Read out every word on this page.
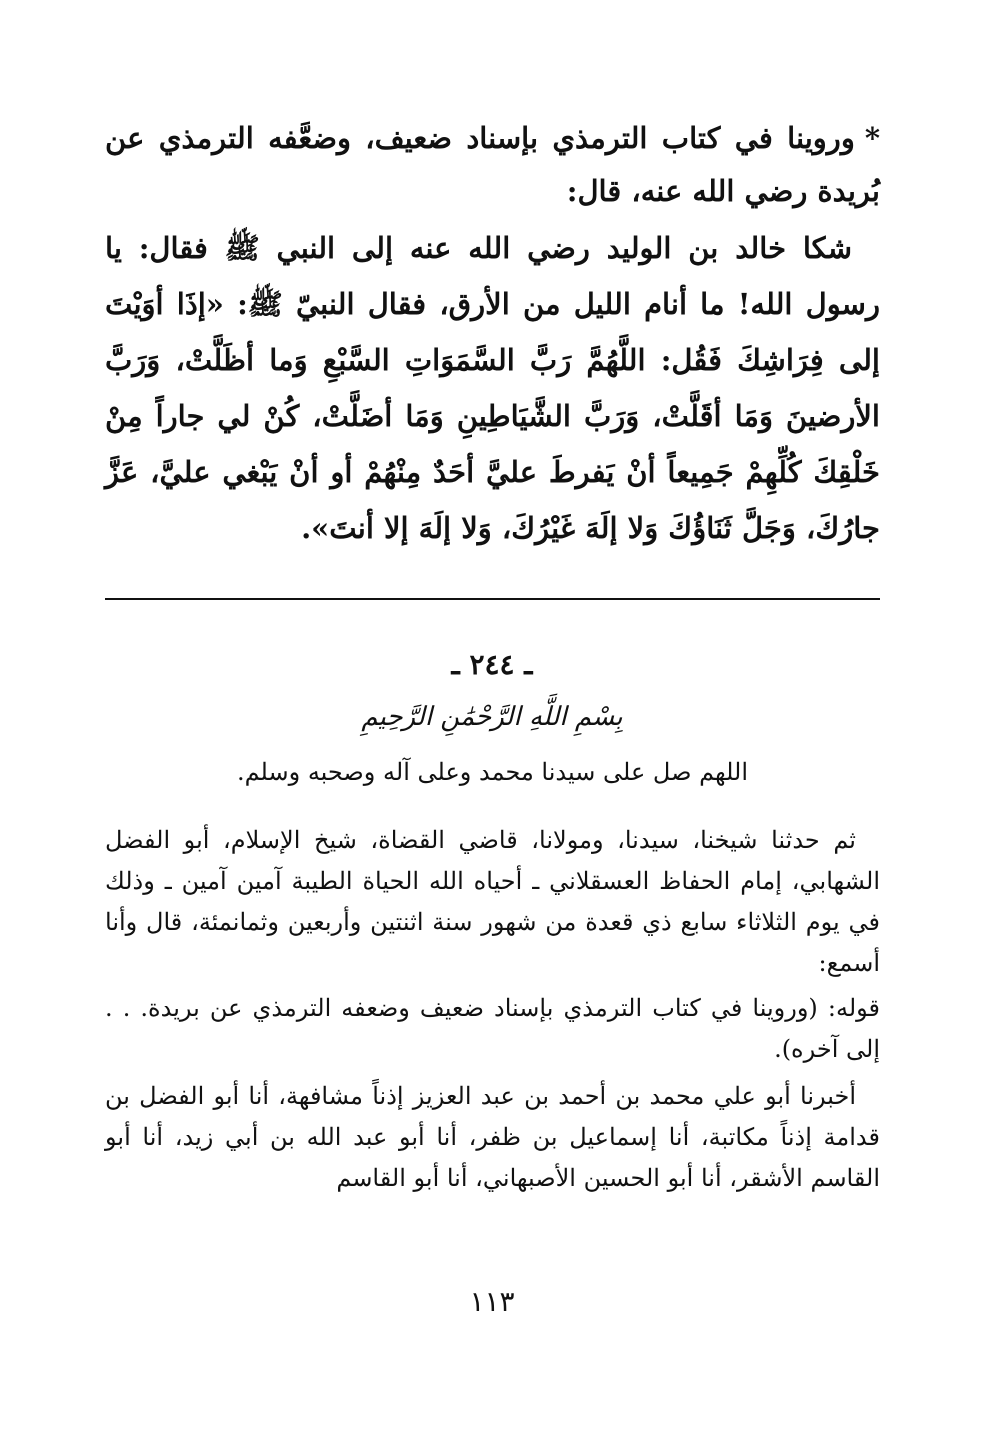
*وروينا في كتاب الترمذي بإسناد ضعيف، وضعَّفه الترمذي عن بُريدة رضي الله عنه، قال:

شكا خالد بن الوليد رضي الله عنه إلى النبي ﷺ فقال: يا رسول الله! ما أنام الليل من الأرق، فقال النبيّ ﷺ: «إذَا أوَيْتَ إلى فِرَاشِكَ فَقُل: اللَّهُمَّ رَبَّ السَّمَوَاتِ السَّبْعِ وَما أظَلَّتْ، وَرَبَّ الأرضينَ وَمَا أقَلَّتْ، وَرَبَّ الشَّيَاطِينِ وَمَا أضَلَّتْ، كُنْ لي جاراً مِنْ خَلْقِكَ كُلِّهِمْ جَمِيعاً أنْ يَفرطَ عليَّ أحَدٌ مِنْهُمْ أو أنْ يَبْغي عليَّ، عَزَّ جارُكَ، وَجَلَّ ثَنَاؤُكَ وَلا إلَهَ غَيْرُكَ، وَلا إلَهَ إلا أنتَ».

ـ ٢٤٤ ـ
بِسْمِ اللَّهِ الرَّحْمَٰنِ الرَّحِيمِ
اللهم صل على سيدنا محمد وعلى آله وصحبه وسلم.

ثم حدثنا شيخنا، سيدنا، ومولانا، قاضي القضاة، شيخ الإسلام، أبو الفضل الشهابي، إمام الحفاظ العسقلاني ـ أحياه الله الحياة الطيبة آمين آمين ـ وذلك في يوم الثلاثاء سابع ذي قعدة من شهور سنة اثنتين وأربعين وثمانمئة، قال وأنا أسمع:

قوله: (وروينا في كتاب الترمذي بإسناد ضعيف وضعفه الترمذي عن بريدة. . . إلى آخره).

أخبرنا أبو علي محمد بن أحمد بن عبد العزيز إذناً مشافهة، أنا أبو الفضل بن قدامة إذناً مكاتبة، أنا إسماعيل بن ظفر، أنا أبو عبد الله بن أبي زيد، أنا أبو القاسم الأشقر، أنا أبو الحسين الأصبهاني، أنا أبو القاسم

١١٣
